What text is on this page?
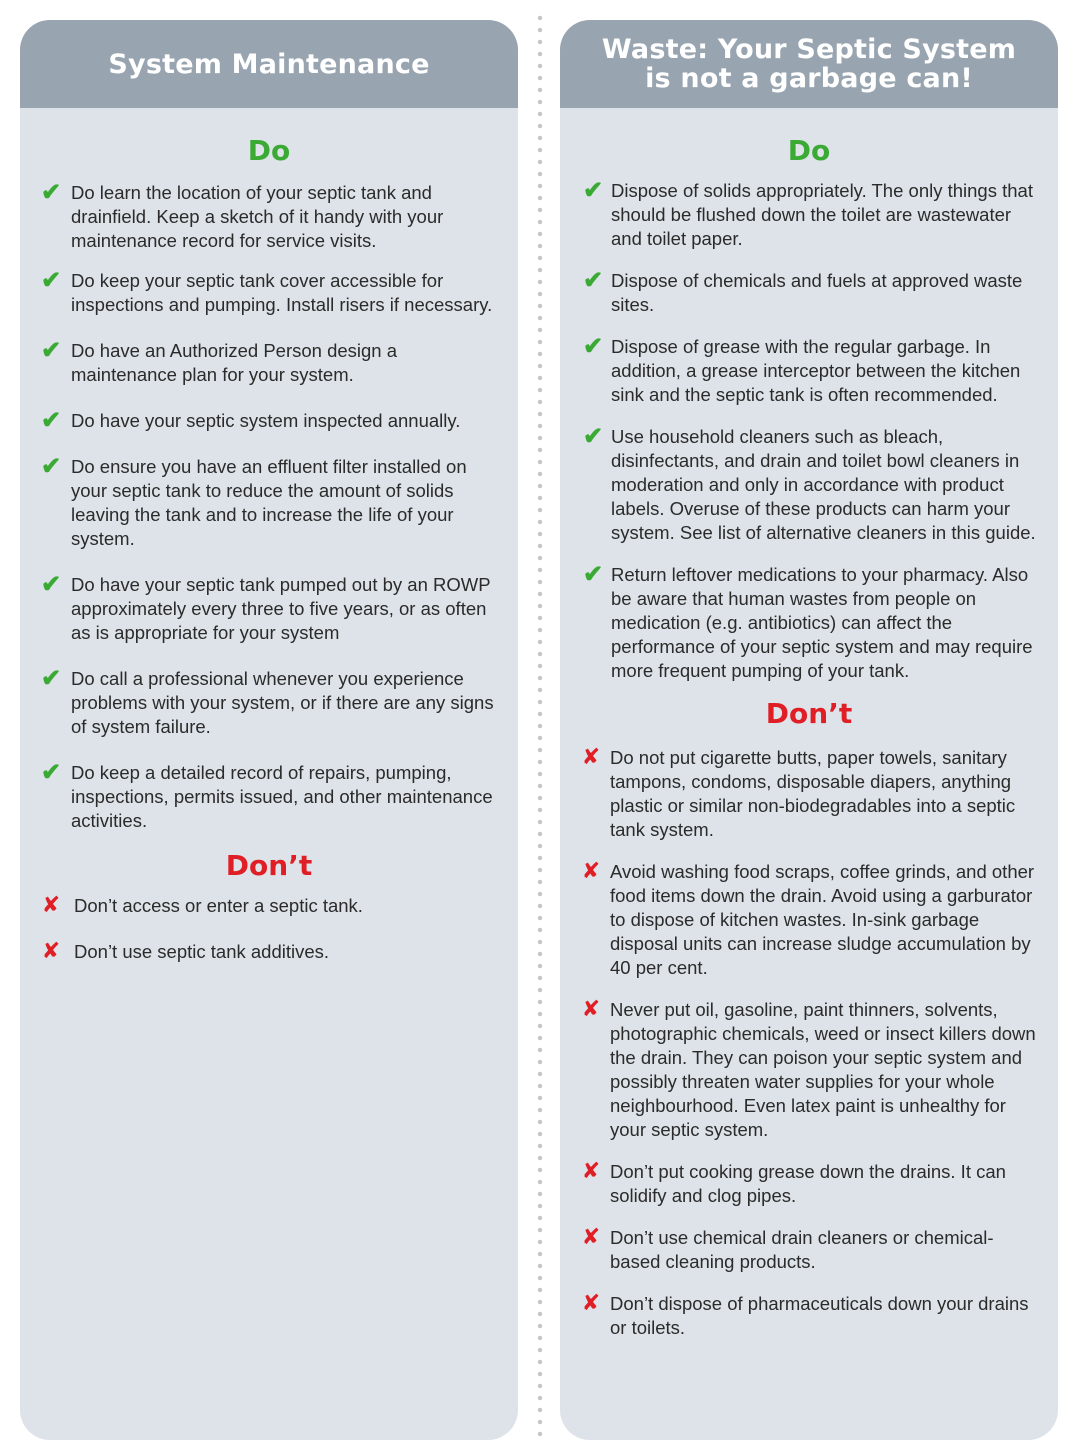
System Maintenance
Do
✔ Do learn the location of your septic tank and drainfield. Keep a sketch of it handy with your maintenance record for service visits.
✔ Do keep your septic tank cover accessible for inspections and pumping. Install risers if necessary.
✔ Do have an Authorized Person design a maintenance plan for your system.
✔ Do have your septic system inspected annually.
✔ Do ensure you have an effluent filter installed on your septic tank to reduce the amount of solids leaving the tank and to increase the life of your system.
✔ Do have your septic tank pumped out by an ROWP approximately every three to five years, or as often as is appropriate for your system
✔ Do call a professional whenever you experience problems with your system, or if there are any signs of system failure.
✔ Do keep a detailed record of repairs, pumping, inspections, permits issued, and other maintenance activities.
Don’t
✘ Don’t access or enter a septic tank.
✘ Don’t use septic tank additives.
Waste: Your Septic System
is not a garbage can!
Do
✔ Dispose of solids appropriately. The only things that should be flushed down the toilet are wastewater and toilet paper.
✔ Dispose of chemicals and fuels at approved waste sites.
✔ Dispose of grease with the regular garbage. In addition, a grease interceptor between the kitchen sink and the septic tank is often recommended.
✔ Use household cleaners such as bleach, disinfectants, and drain and toilet bowl cleaners in moderation and only in accordance with product labels. Overuse of these products can harm your system. See list of alternative cleaners in this guide.
✔ Return leftover medications to your pharmacy. Also be aware that human wastes from people on medication (e.g. antibiotics) can affect the performance of your septic system and may require more frequent pumping of your tank.
Don’t
✘ Do not put cigarette butts, paper towels, sanitary tampons, condoms, disposable diapers, anything plastic or similar non-biodegradables into a septic tank system.
✘ Avoid washing food scraps, coffee grinds, and other food items down the drain. Avoid using a garburator to dispose of kitchen wastes. In-sink garbage disposal units can increase sludge accumulation by 40 per cent.
✘ Never put oil, gasoline, paint thinners, solvents, photographic chemicals, weed or insect killers down the drain. They can poison your septic system and possibly threaten water supplies for your whole neighbourhood. Even latex paint is unhealthy for your septic system.
✘ Don’t put cooking grease down the drains. It can solidify and clog pipes.
✘ Don’t use chemical drain cleaners or chemical-based cleaning products.
✘ Don’t dispose of pharmaceuticals down your drains or toilets.
